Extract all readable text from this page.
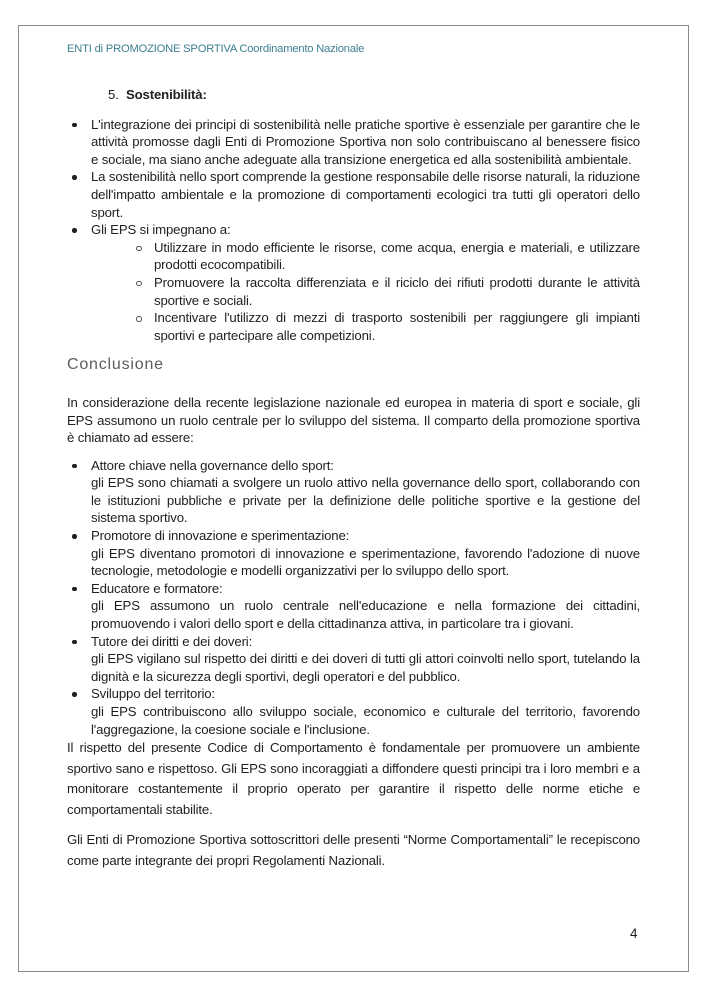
ENTI di PROMOZIONE SPORTIVA Coordinamento Nazionale
5. Sostenibilità:
L'integrazione dei principi di sostenibilità nelle pratiche sportive è essenziale per garantire che le attività promosse dagli Enti di Promozione Sportiva non solo contribuiscano al benessere fisico e sociale, ma siano anche adeguate alla transizione energetica ed alla sostenibilità ambientale.
La sostenibilità nello sport comprende la gestione responsabile delle risorse naturali, la riduzione dell'impatto ambientale e la promozione di comportamenti ecologici tra tutti gli operatori dello sport.
Gli EPS si impegnano a:
Utilizzare in modo efficiente le risorse, come acqua, energia e materiali, e utilizzare prodotti ecocompatibili.
Promuovere la raccolta differenziata e il riciclo dei rifiuti prodotti durante le attività sportive e sociali.
Incentivare l'utilizzo di mezzi di trasporto sostenibili per raggiungere gli impianti sportivi e partecipare alle competizioni.
Conclusione

In considerazione della recente legislazione nazionale ed europea in materia di sport e sociale, gli EPS assumono un ruolo centrale per lo sviluppo del sistema. Il comparto della promozione sportiva è chiamato ad essere:

Attore chiave nella governance dello sport:
gli EPS sono chiamati a svolgere un ruolo attivo nella governance dello sport, collaborando con le istituzioni pubbliche e private per la definizione delle politiche sportive e la gestione del sistema sportivo.
Promotore di innovazione e sperimentazione:
gli EPS diventano promotori di innovazione e sperimentazione, favorendo l'adozione di nuove tecnologie, metodologie e modelli organizzativi per lo sviluppo dello sport.
Educatore e formatore:
gli EPS assumono un ruolo centrale nell'educazione e nella formazione dei cittadini, promuovendo i valori dello sport e della cittadinanza attiva, in particolare tra i giovani.
Tutore dei diritti e dei doveri:
gli EPS vigilano sul rispetto dei diritti e dei doveri di tutti gli attori coinvolti nello sport, tutelando la dignità e la sicurezza degli sportivi, degli operatori e del pubblico.
Sviluppo del territorio:
gli EPS contribuiscono allo sviluppo sociale, economico e culturale del territorio, favorendo l'aggregazione, la coesione sociale e l'inclusione.

Il rispetto del presente Codice di Comportamento è fondamentale per promuovere un ambiente sportivo sano e rispettoso. Gli EPS sono incoraggiati a diffondere questi principi tra i loro membri e a monitorare costantemente il proprio operato per garantire il rispetto delle norme etiche e comportamentali stabilite.

Gli Enti di Promozione Sportiva sottoscrittori delle presenti “Norme Comportamentali” le recepiscono come parte integrante dei propri Regolamenti Nazionali.

4
